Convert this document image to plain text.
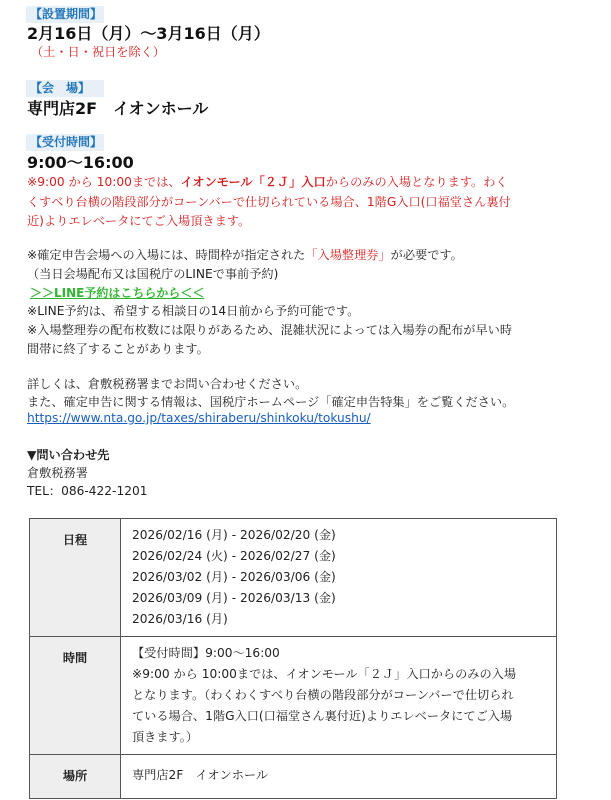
【設置期間】
2月16日（月）～3月16日（月）
（土・日・祝日を除く）
【会　場】
専門店2F　イオンホール
【受付時間】
9:00～16:00
※9:00 から 10:00までは、イオンモール「２Ｊ」入口からのみの入場となります。わく
くすべり台横の階段部分がコーンバーで仕切られている場合、1階G入口(口福堂さん裏付
近)よりエレベータにてご入場頂きます。
※確定申告会場への入場には、時間枠が指定された「入場整理券」が必要です。
（当日会場配布又は国税庁のLINEで事前予約)
＞＞LINE予約はこちらから＜＜
※LINE予約は、希望する相談日の14日前から予約可能です。
※入場整理券の配布枚数には限りがあるため、混雑状況によっては入場券の配布が早い時
間帯に終了することがあります。
詳しくは、倉敷税務署までお問い合わせください。
また、確定申告に関する情報は、国税庁ホームページ「確定申告特集」をご覧ください。
https://www.nta.go.jp/taxes/shiraberu/shinkoku/tokushu/
▼問い合わせ先
倉敷税務署
TEL：086-422-1201
日程	2026/02/16 (月) - 2026/02/20 (金)
2026/02/24 (火) - 2026/02/27 (金)
2026/03/02 (月) - 2026/03/06 (金)
2026/03/09 (月) - 2026/03/13 (金)
2026/03/16 (月)

時間	【受付時間】9:00～16:00
※9:00 から 10:00までは、イオンモール「２Ｊ」入口からのみの入場
となります。（わくわくすべり台横の階段部分がコーンバーで仕切られ
ている場合、1階G入口(口福堂さん裏付近)よりエレベータにてご入場
頂きます。）

場所	専門店2F　イオンホール
